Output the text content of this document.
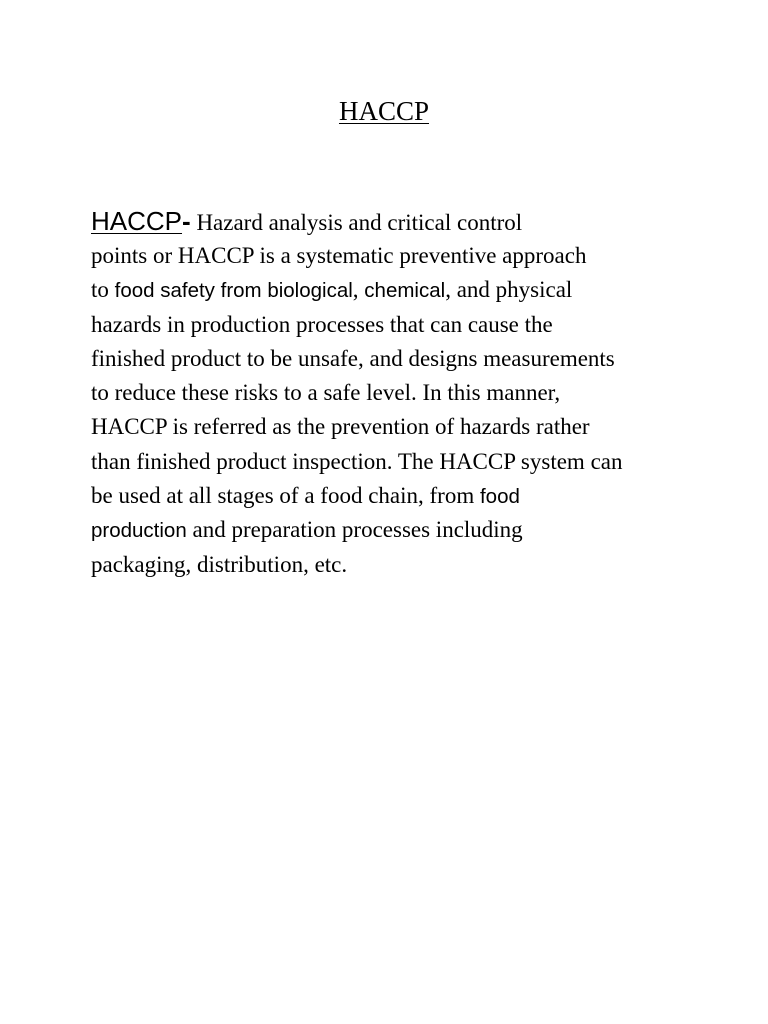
HACCP
HACCP- Hazard analysis and critical control
points or HACCP is a systematic preventive approach
to food safety from biological, chemical, and physical
hazards in production processes that can cause the
finished product to be unsafe, and designs measurements
to reduce these risks to a safe level. In this manner,
HACCP is referred as the prevention of hazards rather
than finished product inspection. The HACCP system can
be used at all stages of a food chain, from food
production and preparation processes including
packaging, distribution, etc.
